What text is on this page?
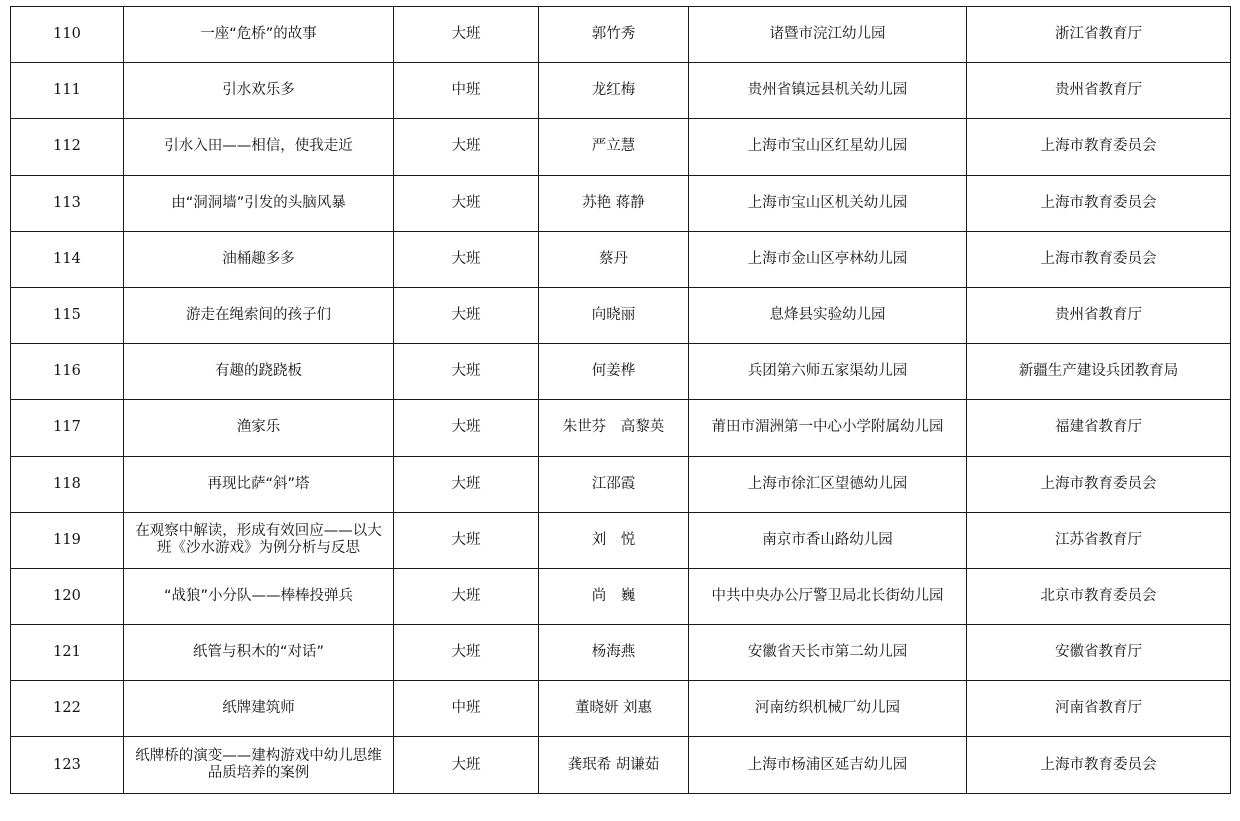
110	一座“危桥”的故事	大班	郭竹秀	诸暨市浣江幼儿园	浙江省教育厅
111	引水欢乐多	中班	龙红梅	贵州省镇远县机关幼儿园	贵州省教育厅
112	引水入田——相信，使我走近	大班	严立慧	上海市宝山区红星幼儿园	上海市教育委员会
113	由“洞洞墙”引发的头脑风暴	大班	苏艳 蒋静	上海市宝山区机关幼儿园	上海市教育委员会
114	油桶趣多多	大班	蔡丹	上海市金山区亭林幼儿园	上海市教育委员会
115	游走在绳索间的孩子们	大班	向晓丽	息烽县实验幼儿园	贵州省教育厅
116	有趣的跷跷板	大班	何姜桦	兵团第六师五家渠幼儿园	新疆生产建设兵团教育局
117	渔家乐	大班	朱世芬　高黎英	莆田市湄洲第一中心小学附属幼儿园	福建省教育厅
118	再现比萨“斜”塔	大班	江邵霞	上海市徐汇区望德幼儿园	上海市教育委员会
119	在观察中解读，形成有效回应——以大班《沙水游戏》为例分析与反思	大班	刘　悦	南京市香山路幼儿园	江苏省教育厅
120	“战狼”小分队——棒棒投弹兵	大班	尚　巍	中共中央办公厅警卫局北长街幼儿园	北京市教育委员会
121	纸管与积木的“对话”	大班	杨海燕	安徽省天长市第二幼儿园	安徽省教育厅
122	纸牌建筑师	中班	董晓妍 刘惠	河南纺织机械厂幼儿园	河南省教育厅
123	纸牌桥的演变——建构游戏中幼儿思维品质培养的案例	大班	龚珉希 胡谦茹	上海市杨浦区延吉幼儿园	上海市教育委员会
